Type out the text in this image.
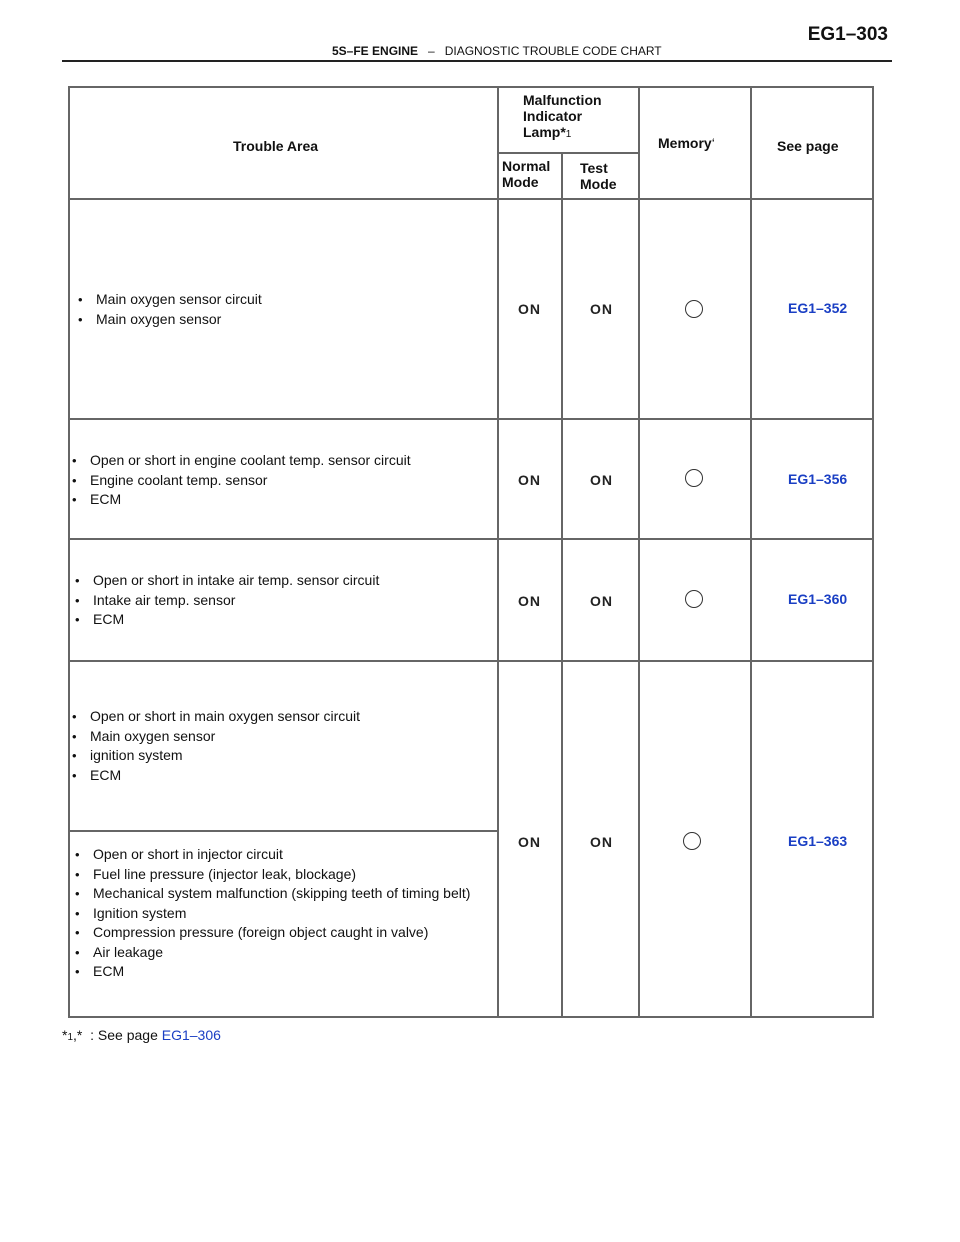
5S–FE ENGINE – DIAGNOSTIC TROUBLE CODE CHART
EG1–303
Trouble Area
Malfunction
Indicator
Lamp*1
Normal
Mode
Test
Mode
Memory‘	See page
• Main oxygen sensor circuit
• Main oxygen sensor
ON	ON	EG1–352
• Open or short in engine coolant temp. sensor circuit
• Engine coolant temp. sensor
• ECM
ON	ON	EG1–356
• Open or short in intake air temp. sensor circuit
• Intake air temp. sensor
• ECM
ON	ON	EG1–360
• Open or short in main oxygen sensor circuit
• Main oxygen sensor
• ignition system
• ECM
• Open or short in injector circuit
• Fuel line pressure (injector leak, blockage)
• Mechanical system malfunction (skipping teeth of timing belt)
• Ignition system
• Compression pressure (foreign object caught in valve)
• Air leakage
• ECM
ON	ON	EG1–363
*1,*  : See page EG1–306
